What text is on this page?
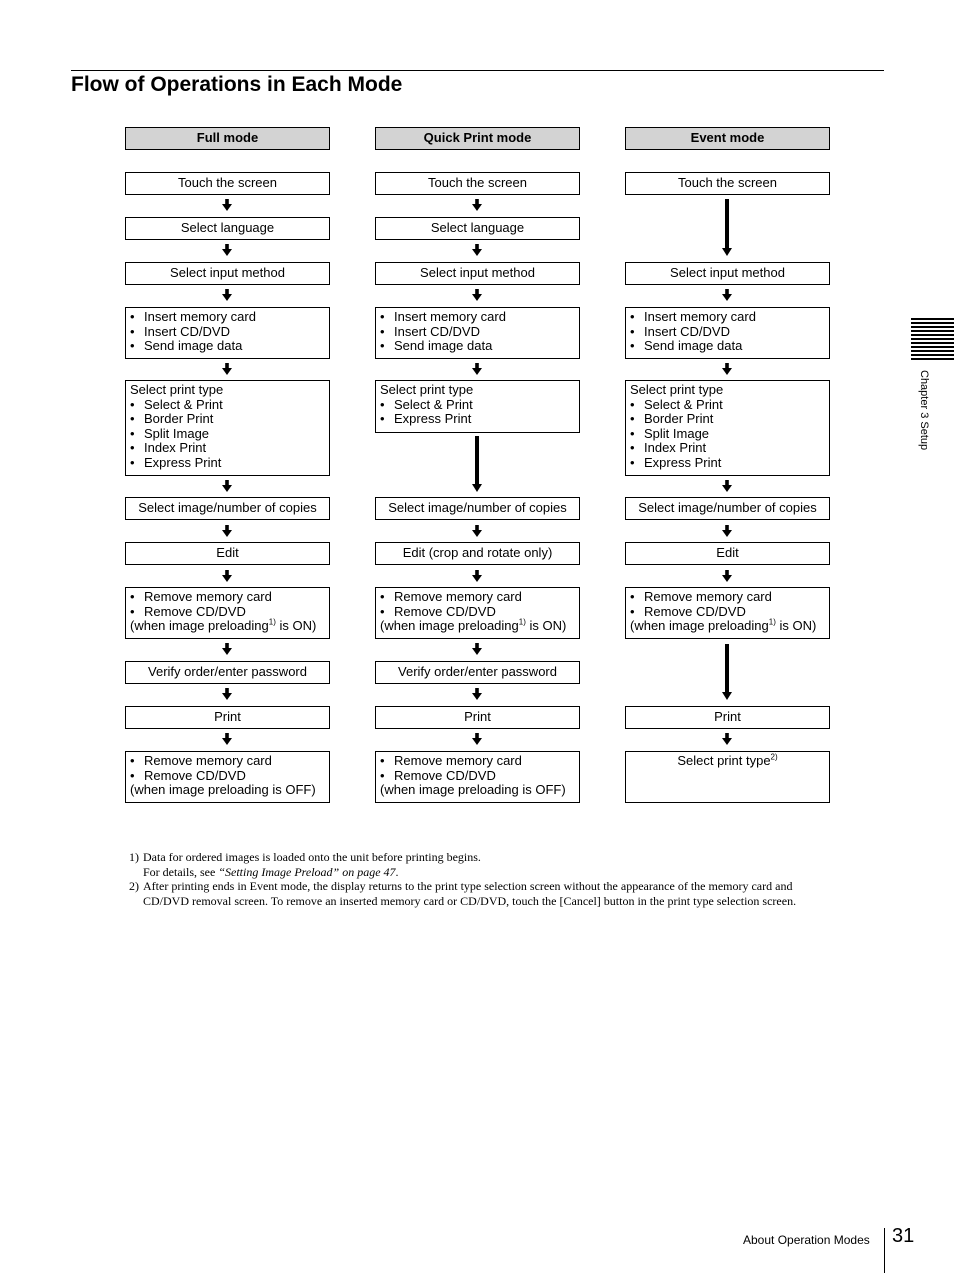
Flow of Operations in Each Mode
Full mode
Touch the screen
Select language
Select input method
• Insert memory card
• Insert CD/DVD
• Send image data
Select print type
• Select & Print
• Border Print
• Split Image
• Index Print
• Express Print
Select image/number of copies
Edit
• Remove memory card
• Remove CD/DVD
(when image preloading$^{1)}$ is ON)
Verify order/enter password
Print
• Remove memory card
• Remove CD/DVD
(when image preloading is OFF)
Quick Print mode
Touch the screen
Select language
Select input method
• Insert memory card
• Insert CD/DVD
• Send image data
Select print type
• Select & Print
• Express Print
Select image/number of copies
Edit (crop and rotate only)
• Remove memory card
• Remove CD/DVD
(when image preloading$^{1)}$ is ON)
Verify order/enter password
Print
• Remove memory card
• Remove CD/DVD
(when image preloading is OFF)
Event mode
Touch the screen
Select input method
• Insert memory card
• Insert CD/DVD
• Send image data
Select print type
• Select & Print
• Border Print
• Split Image
• Index Print
• Express Print
Select image/number of copies
Edit
• Remove memory card
• Remove CD/DVD
(when image preloading$^{1)}$ is ON)
Print
Select print type$^{2)}$
1) Data for ordered images is loaded onto the unit before printing begins.
For details, see “Setting Image Preload” on page 47.
2) After printing ends in Event mode, the display returns to the print type selection screen without the appearance of the memory card and CD/DVD removal screen. To remove an inserted memory card or CD/DVD, touch the [Cancel] button in the print type selection screen.
Chapter 3 Setup
About Operation Modes 31
